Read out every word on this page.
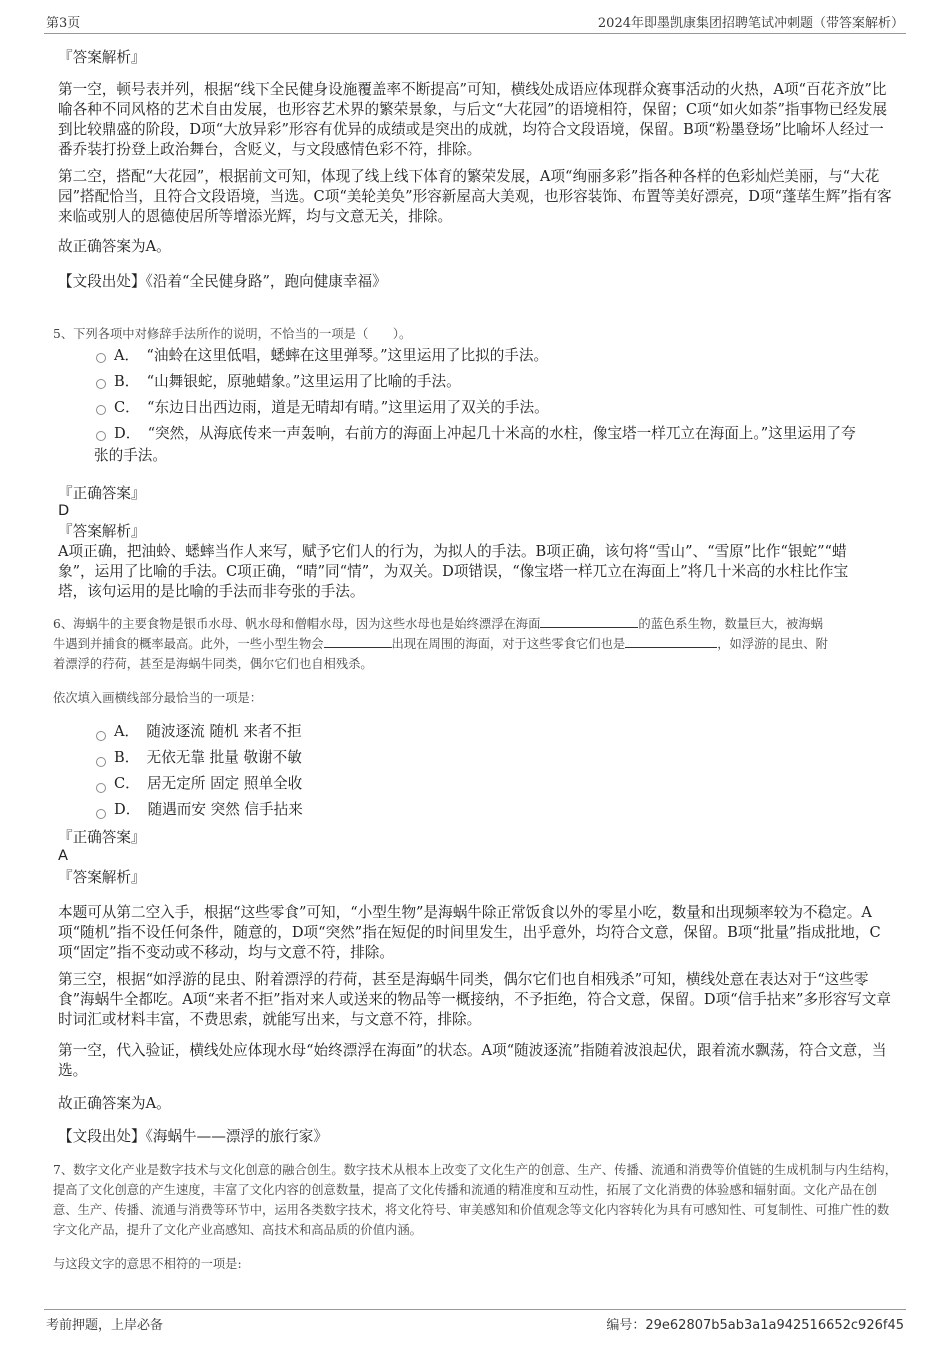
第3页	2024年即墨凯康集团招聘笔试冲刺题（带答案解析）
『答案解析』
第一空，顿号表并列，根据“线下全民健身设施覆盖率不断提高”可知，横线处成语应体现群众赛事活动的火热，A项“百花齐放”比喻各种不同风格的艺术自由发展，也形容艺术界的繁荣景象，与后文“大花园”的语境相符，保留；C项“如火如荼”指事物已经发展到比较鼎盛的阶段，D项“大放异彩”形容有优异的成绩或是突出的成就，均符合文段语境，保留。B项“粉墨登场”比喻坏人经过一番乔装打扮登上政治舞台，含贬义，与文段感情色彩不符，排除。
第二空，搭配“大花园”，根据前文可知，体现了线上线下体育的繁荣发展，A项“绚丽多彩”指各种各样的色彩灿烂美丽，与“大花园”搭配恰当，且符合文段语境，当选。C项“美轮美奂”形容新屋高大美观，也形容装饰、布置等美好漂亮，D项“蓬荜生辉”指有客来临或别人的恩德使居所等增添光辉，均与文意无关，排除。
故正确答案为A。
【文段出处】《沿着“全民健身路”，跑向健康幸福》
5、下列各项中对修辞手法所作的说明，不恰当的一项是（　　）。
A．　“油蛉在这里低唱，蟋蟀在这里弹琴。”这里运用了比拟的手法。
B．　“山舞银蛇，原驰蜡象。”这里运用了比喻的手法。
C．　“东边日出西边雨，道是无晴却有晴。”这里运用了双关的手法。
D．　“突然，从海底传来一声轰响，右前方的海面上冲起几十米高的水柱，像宝塔一样兀立在海面上。”这里运用了夸
张的手法。
『正确答案』
D
『答案解析』
A项正确，把油蛉、蟋蟀当作人来写，赋予它们人的行为，为拟人的手法。B项正确，该句将“雪山”、“雪原”比作“银蛇”“蜡
象”，运用了比喻的手法。C项正确，“晴”同“情”，为双关。D项错误，“像宝塔一样兀立在海面上”将几十米高的水柱比作宝
塔，该句运用的是比喻的手法而非夸张的手法。
6、海蜗牛的主要食物是银币水母、帆水母和僧帽水母，因为这些水母也是始终漂浮在海面	的蓝色系生物，数量巨大，被海蜗
牛遇到并捕食的概率最高。此外，一些小型生物会	出现在周围的海面，对于这些零食它们也是	，如浮游的昆虫、附
着漂浮的荇荷，甚至是海蜗牛同类，偶尔它们也自相残杀。
依次填入画横线部分最恰当的一项是：
A．　随波逐流 随机 来者不拒
B．　无依无靠 批量 敬谢不敏
C．　居无定所 固定 照单全收
D．　随遇而安 突然 信手拈来
『正确答案』
A
『答案解析』
本题可从第二空入手，根据“这些零食”可知，“小型生物”是海蜗牛除正常饭食以外的零星小吃，数量和出现频率较为不稳定。A项“随机”指不设任何条件，随意的，D项“突然”指在短促的时间里发生，出乎意外，均符合文意，保留。B项“批量”指成批地，C项“固定”指不变动或不移动，均与文意不符，排除。
第三空，根据“如浮游的昆虫、附着漂浮的荇荷，甚至是海蜗牛同类，偶尔它们也自相残杀”可知，横线处意在表达对于“这些零食”海蜗牛全都吃。A项“来者不拒”指对来人或送来的物品等一概接纳，不予拒绝，符合文意，保留。D项“信手拈来”多形容写文章时词汇或材料丰富，不费思索，就能写出来，与文意不符，排除。
第一空，代入验证，横线处应体现水母“始终漂浮在海面”的状态。A项“随波逐流”指随着波浪起伏，跟着流水飘荡，符合文意，当选。
故正确答案为A。
【文段出处】《海蜗牛——漂浮的旅行家》
7、数字文化产业是数字技术与文化创意的融合创生。数字技术从根本上改变了文化生产的创意、生产、传播、流通和消费等价值链的生成机制与内生结构，提高了文化创意的产生速度，丰富了文化内容的创意数量，提高了文化传播和流通的精准度和互动性，拓展了文化消费的体验感和辐射面。文化产品在创意、生产、传播、流通与消费等环节中，运用各类数字技术，将文化符号、审美感知和价值观念等文化内容转化为具有可感知性、可复制性、可推广性的数字文化产品，提升了文化产业高感知、高技术和高品质的价值内涵。
与这段文字的意思不相符的一项是:
考前押题，上岸必备	编号：29e62807b5ab3a1a942516652c926f45
